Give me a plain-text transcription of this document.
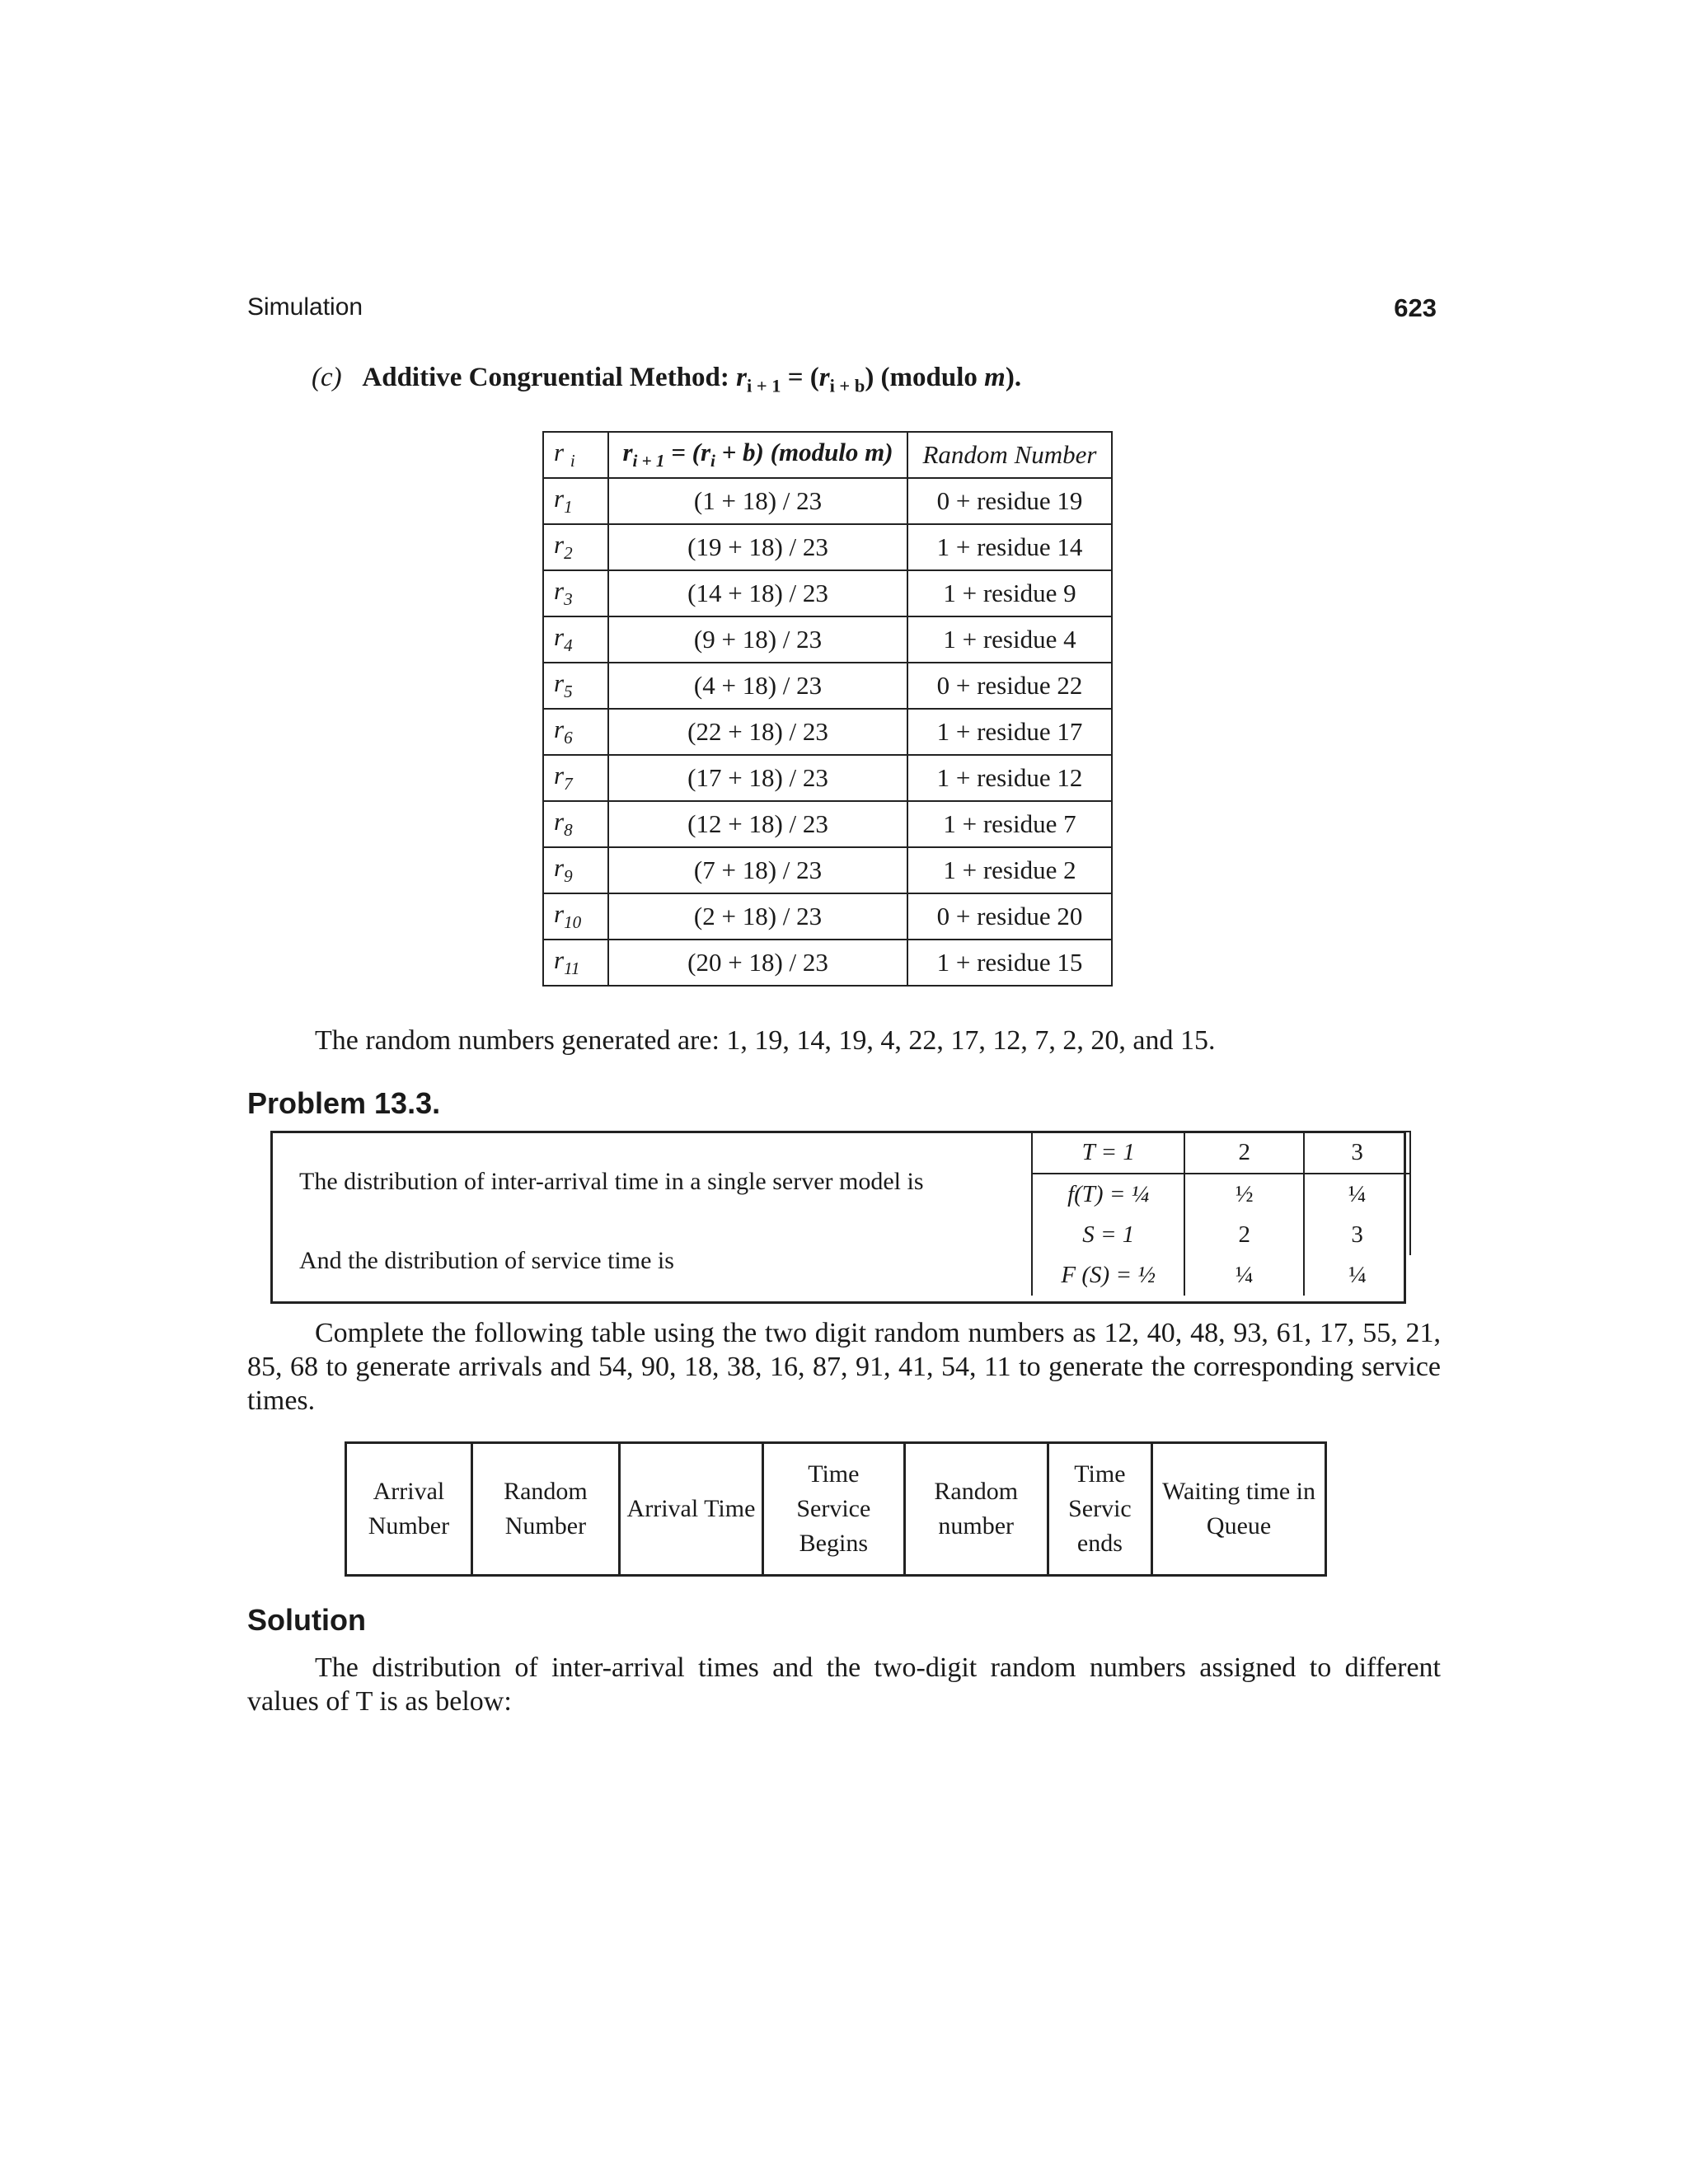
Simulation	623
(c) Additive Congruential Method: $r_{i + 1} = (r_{i + b})$ (modulo m).
r $_i$	$r_{i + 1} = (r_i + b)$ (modulo m)	Random Number
$r_1$	(1 + 18) / 23	0 + residue 19
$r_2$	(19 + 18) / 23	1 + residue 14
$r_3$	(14 + 18) / 23	1 + residue 9
$r_4$	(9 + 18) / 23	1 + residue 4
$r_5$	(4 + 18) / 23	0 + residue 22
$r_6$	(22 + 18) / 23	1 + residue 17
$r_7$	(17 + 18) / 23	1 + residue 12
$r_8$	(12 + 18) / 23	1 + residue 7
$r_9$	(7 + 18) / 23	1 + residue 2
$r_{10}$	(2 + 18) / 23	0 + residue 20
$r_{11}$	(20 + 18) / 23	1 + residue 15
The random numbers generated are: 1, 19, 14, 19, 4, 22, 17, 12, 7, 2, 20, and 15.
Problem 13.3.
The distribution of inter-arrival time in a single server model is
And the distribution of service time is
T = 1	2	3
f(T) = ¼	½	¼
S = 1	2	3
F (S) = ½	¼	¼
Complete the following table using the two digit random numbers as 12, 40, 48, 93, 61, 17, 55, 21, 85, 68 to generate arrivals and 54, 90, 18, 38, 16, 87, 91, 41, 54, 11 to generate the corresponding service times.
Arrival Number	Random Number	Arrival Time	Time Service Begins	Random number	Time Servic ends	Waiting time in Queue
Solution
The distribution of inter-arrival times and the two-digit random numbers assigned to different values of T is as below:
